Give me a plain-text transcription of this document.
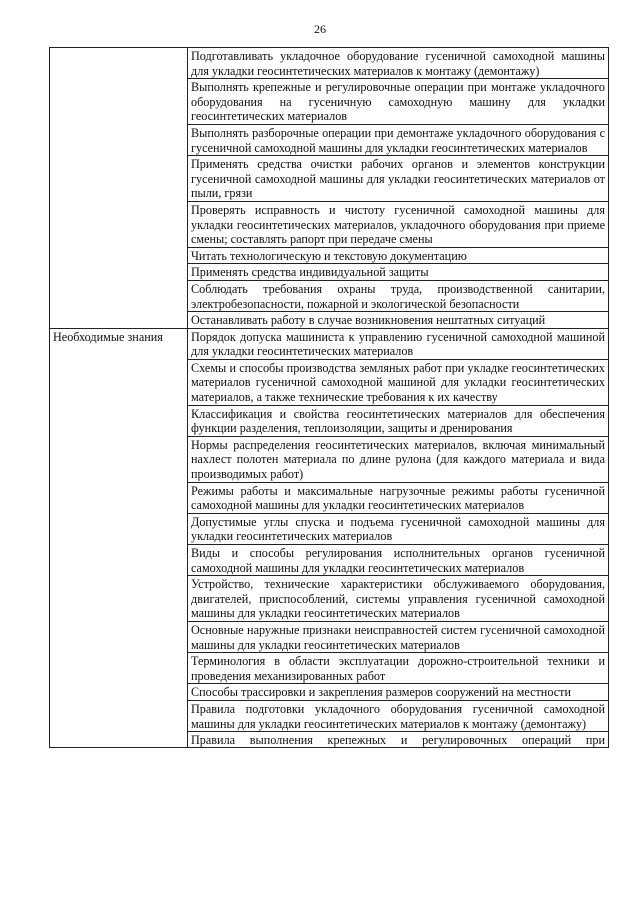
26
	Подготавливать укладочное оборудование гусеничной самоходной машины для укладки геосинтетических материалов к монтажу (демонтажу)
	Выполнять крепежные и регулировочные операции при монтаже укладочного оборудования на гусеничную самоходную машину для укладки геосинтетических материалов
	Выполнять разборочные операции при демонтаже укладочного оборудования с гусеничной самоходной машины для укладки геосинтетических материалов
	Применять средства очистки рабочих органов и элементов конструкции гусеничной самоходной машины для укладки геосинтетических материалов от пыли, грязи
	Проверять исправность и чистоту гусеничной самоходной машины для укладки геосинтетических материалов, укладочного оборудования при приеме смены; составлять рапорт при передаче смены
	Читать технологическую и текстовую документацию
	Применять средства индивидуальной защиты
	Соблюдать требования охраны труда, производственной санитарии, электробезопасности, пожарной и экологической безопасности
	Останавливать работу в случае возникновения нештатных ситуаций
Необходимые знания	Порядок допуска машиниста к управлению гусеничной самоходной машиной для укладки геосинтетических материалов
	Схемы и способы производства земляных работ при укладке геосинтетических материалов гусеничной самоходной машиной для укладки геосинтетических материалов, а также технические требования к их качеству
	Классификация и свойства геосинтетических материалов для обеспечения функции разделения, теплоизоляции, защиты и дренирования
	Нормы распределения геосинтетических материалов, включая минимальный нахлест полотен материала по длине рулона (для каждого материала и вида производимых работ)
	Режимы работы и максимальные нагрузочные режимы работы гусеничной самоходной машины для укладки геосинтетических материалов
	Допустимые углы спуска и подъема гусеничной самоходной машины для укладки геосинтетических материалов
	Виды и способы регулирования исполнительных органов гусеничной самоходной машины для укладки геосинтетических материалов
	Устройство, технические характеристики обслуживаемого оборудования, двигателей, приспособлений, системы управления гусеничной самоходной машины для укладки геосинтетических материалов
	Основные наружные признаки неисправностей систем гусеничной самоходной машины для укладки геосинтетических материалов
	Терминология в области эксплуатации дорожно-строительной техники и проведения механизированных работ
	Способы трассировки и закрепления размеров сооружений на местности
	Правила подготовки укладочного оборудования гусеничной самоходной машины для укладки геосинтетических материалов к монтажу (демонтажу)

	Правила выполнения крепежных и регулировочных операций при
